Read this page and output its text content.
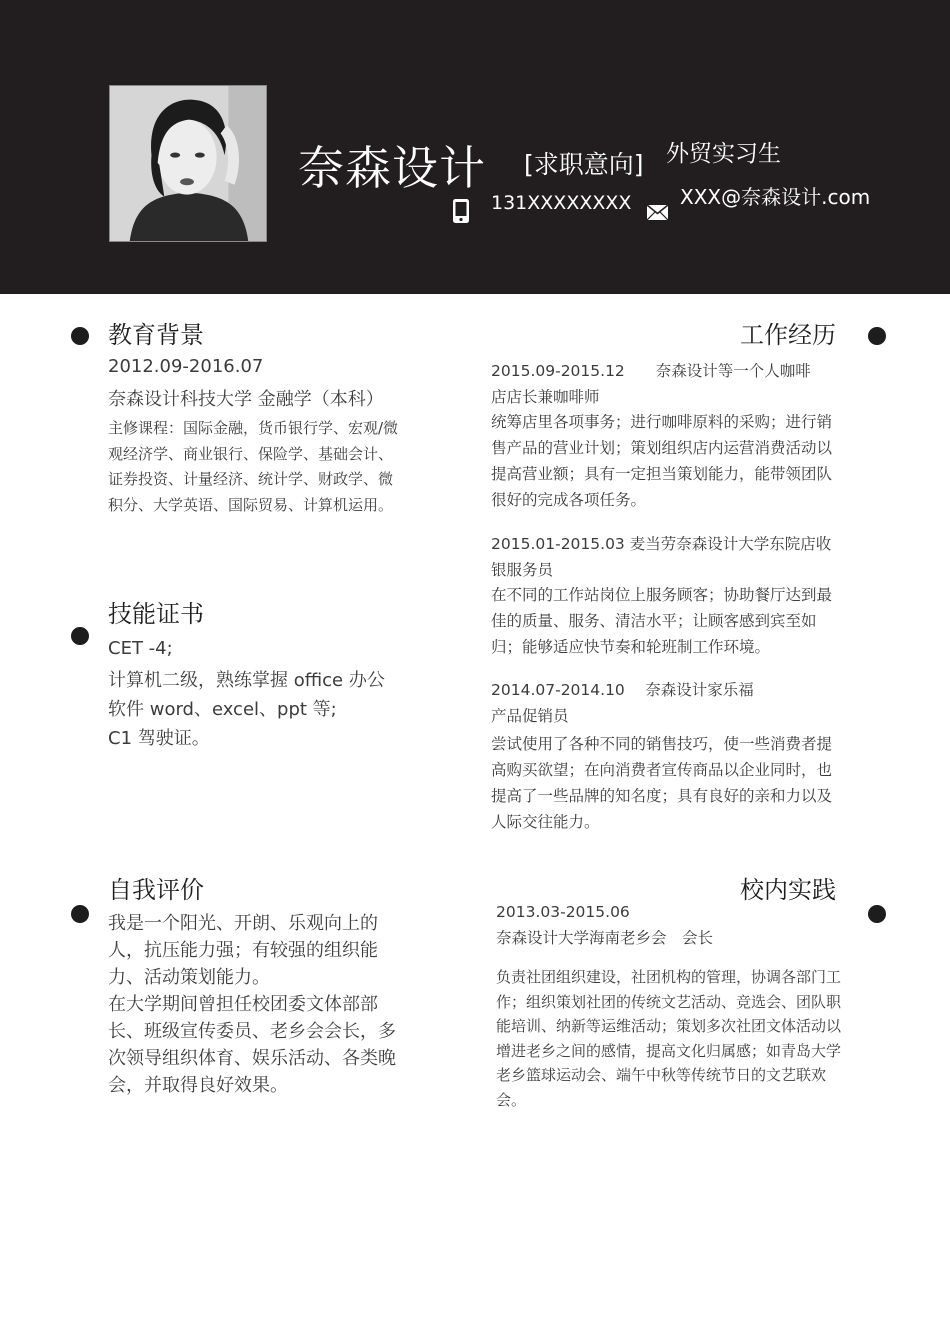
奈森设计 [求职意向] 外贸实习生
131XXXXXXXX XXX@奈森设计.com
教育背景
2012.09-2016.07
奈森设计科技大学 金融学（本科）
主修课程：国际金融，货币银行学、宏观/微观经济学、商业银行、保险学、基础会计、证券投资、计量经济、统计学、财政学、微积分、大学英语、国际贸易、计算机运用。
技能证书
CET -4;
计算机二级，熟练掌握 office 办公软件 word、excel、ppt 等;
C1 驾驶证。
自我评价
我是一个阳光、开朗、乐观向上的人，抗压能力强；有较强的组织能力、活动策划能力。
在大学期间曾担任校团委文体部部长、班级宣传委员、老乡会会长，多次领导组织体育、娱乐活动、各类晚会，并取得良好效果。
工作经历
2015.09-2015.12　　奈森设计等一个人咖啡店店长兼咖啡师
统筹店里各项事务；进行咖啡原料的采购；进行销售产品的营业计划；策划组织店内运营消费活动以提高营业额；具有一定担当策划能力，能带领团队很好的完成各项任务。
2015.01-2015.03 麦当劳奈森设计大学东院店收银服务员
在不同的工作站岗位上服务顾客；协助餐厅达到最佳的质量、服务、清洁水平；让顾客感到宾至如归；能够适应快节奏和轮班制工作环境。
2014.07-2014.10　 奈森设计家乐福产品促销员
尝试使用了各种不同的销售技巧，使一些消费者提高购买欲望；在向消费者宣传商品以企业同时，也提高了一些品牌的知名度；具有良好的亲和力以及人际交往能力。
校内实践
2013.03-2015.06
奈森设计大学海南老乡会　会长
负责社团组织建设，社团机构的管理，协调各部门工作；组织策划社团的传统文艺活动、竞选会、团队职能培训、纳新等运维活动；策划多次社团文体活动以增进老乡之间的感情，提高文化归属感；如青岛大学老乡篮球运动会、端午中秋等传统节日的文艺联欢会。
